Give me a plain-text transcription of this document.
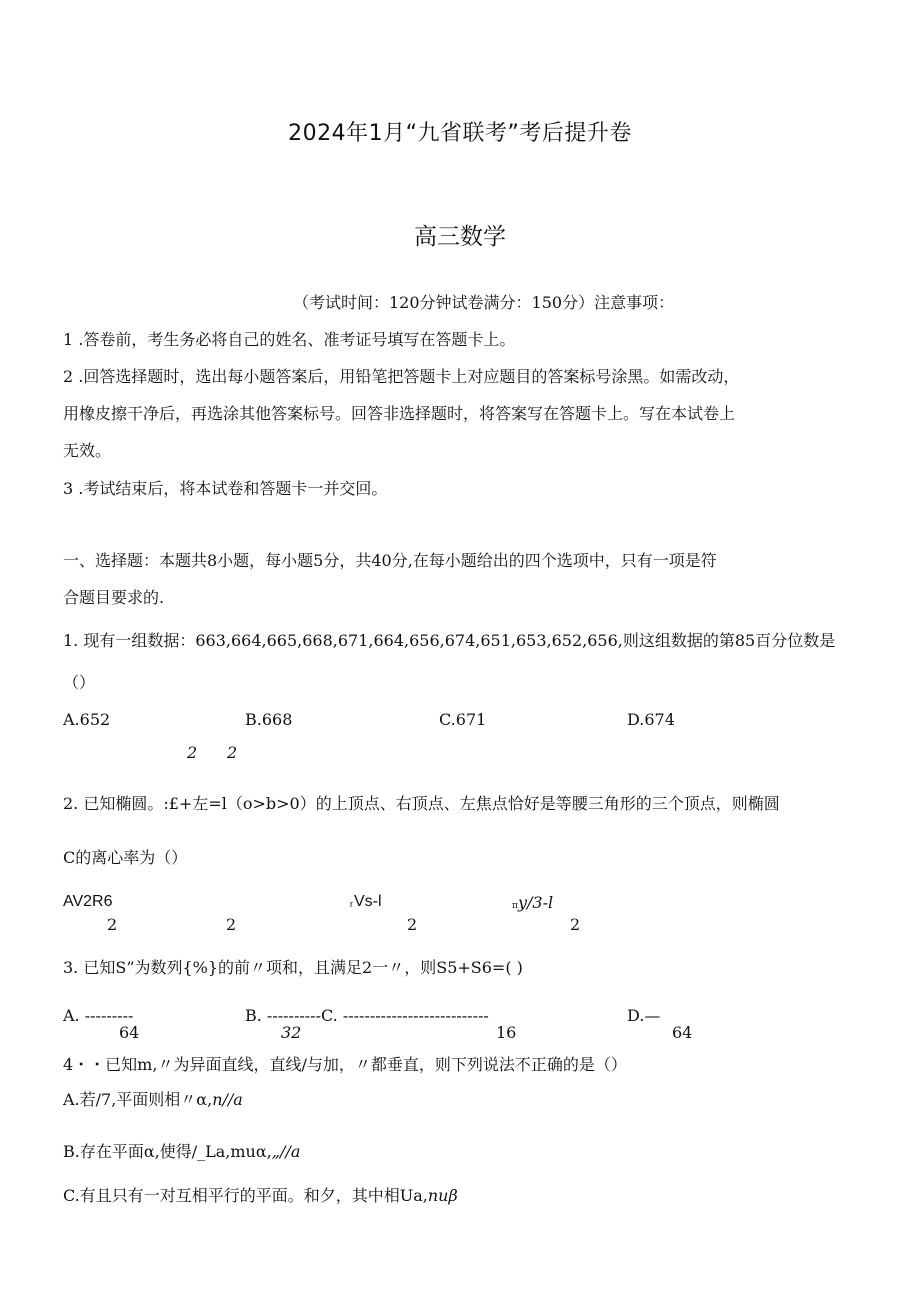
2024年1月“九省联考”考后提升卷
高三数学
（考试时间：120分钟试卷满分：150分）注意事项：
1 .答卷前，考生务必将自己的姓名、准考证号填写在答题卡上。
2 .回答选择题时，选出每小题答案后，用铅笔把答题卡上对应题目的答案标号涂黑。如需改动，
用橡皮擦干净后，再选涂其他答案标号。回答非选择题时，将答案写在答题卡上。写在本试卷上
无效。
3 .考试结束后，将本试卷和答题卡一并交回。
一、选择题：本题共8小题，每小题5分，共40分,在每小题给出的四个选项中，只有一项是符
合题目要求的.
1. 现有一组数据：663,664,665,668,671,664,656,674,651,653,652,656,则这组数据的第85百分位数是
（）
A.652	B.668	C.671	D.674
2 2
2. 已知椭圆。:£+左=l（o>b>0）的上顶点、右顶点、左焦点恰好是等腰三角形的三个顶点，则椭圆
C的离心率为（）
AV2R6	r Vs-l	π y/3-l
2	2	2	2
3. 已知S”为数列{%}的前〃项和，且满足2一〃，则S5+S6=( )
A. ---------	B. ----------C. ---------------------------	D.—
64	32	16	64
4・・已知m,〃为异面直线，直线/与加，〃都垂直，则下列说法不正确的是（）
A.若/7,平面则相〃α,n//a
B.存在平面α,使得/_La,muα,„//a
C.有且只有一对互相平行的平面。和夕，其中相Ua,nuβ
